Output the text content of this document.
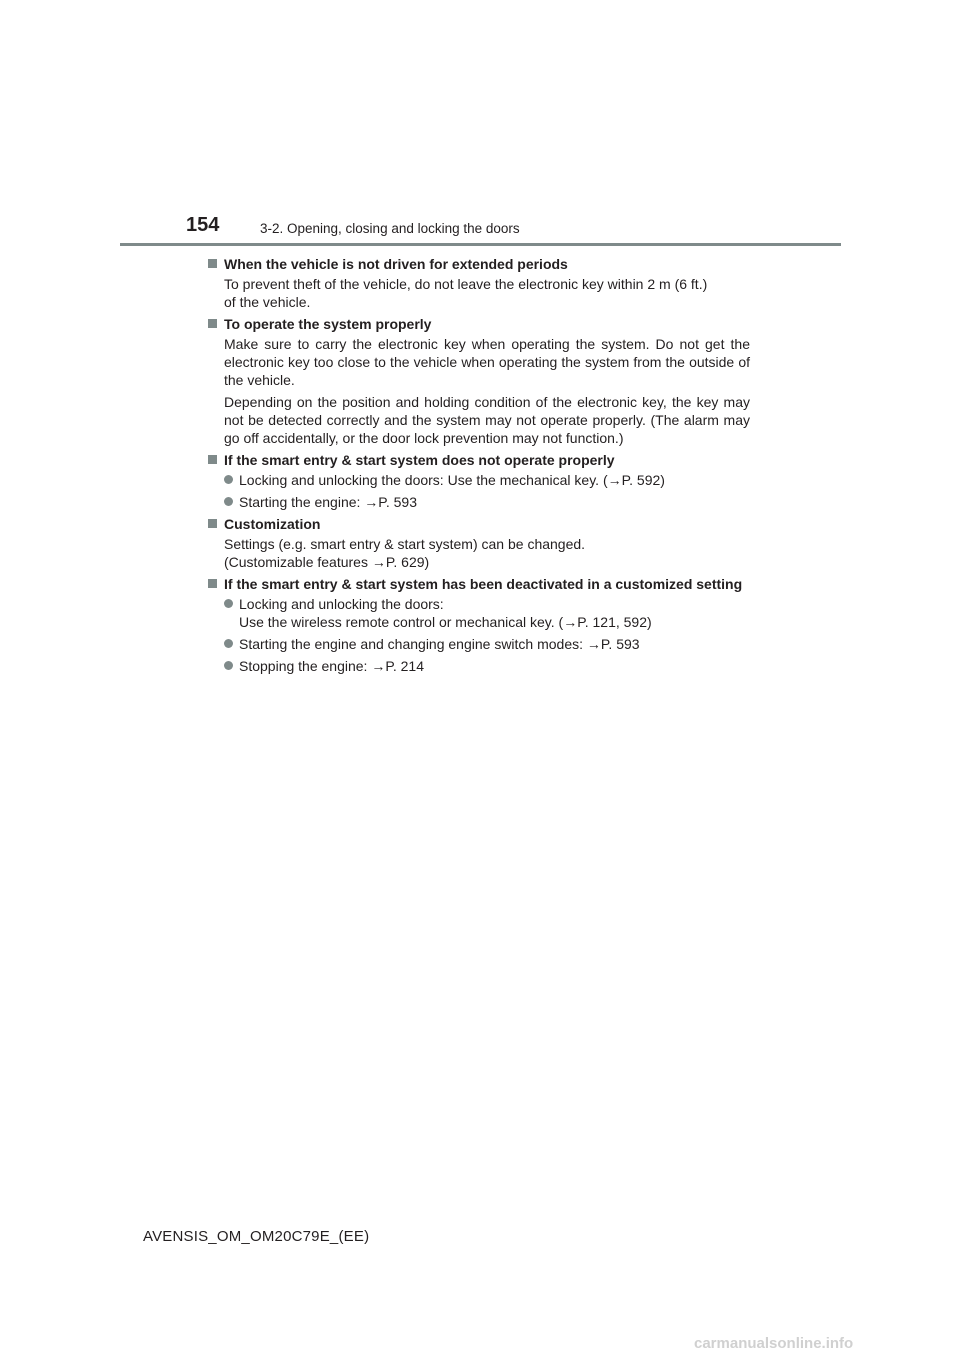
154	3-2. Opening, closing and locking the doors
When the vehicle is not driven for extended periods
To prevent theft of the vehicle, do not leave the electronic key within 2 m (6 ft.)
of the vehicle.
To operate the system properly
Make sure to carry the electronic key when operating the system. Do not get the electronic key too close to the vehicle when operating the system from the outside of the vehicle.
Depending on the position and holding condition of the electronic key, the key may not be detected correctly and the system may not operate properly. (The alarm may go off accidentally, or the door lock prevention may not function.)
If the smart entry & start system does not operate properly
Locking and unlocking the doors: Use the mechanical key. (→P. 592)
Starting the engine: →P. 593
Customization
Settings (e.g. smart entry & start system) can be changed.
(Customizable features →P. 629)
If the smart entry & start system has been deactivated in a customized setting
Locking and unlocking the doors:
Use the wireless remote control or mechanical key. (→P. 121, 592)
Starting the engine and changing engine switch modes: →P. 593
Stopping the engine: →P. 214
AVENSIS_OM_OM20C79E_(EE)
carmanualsonline.info
